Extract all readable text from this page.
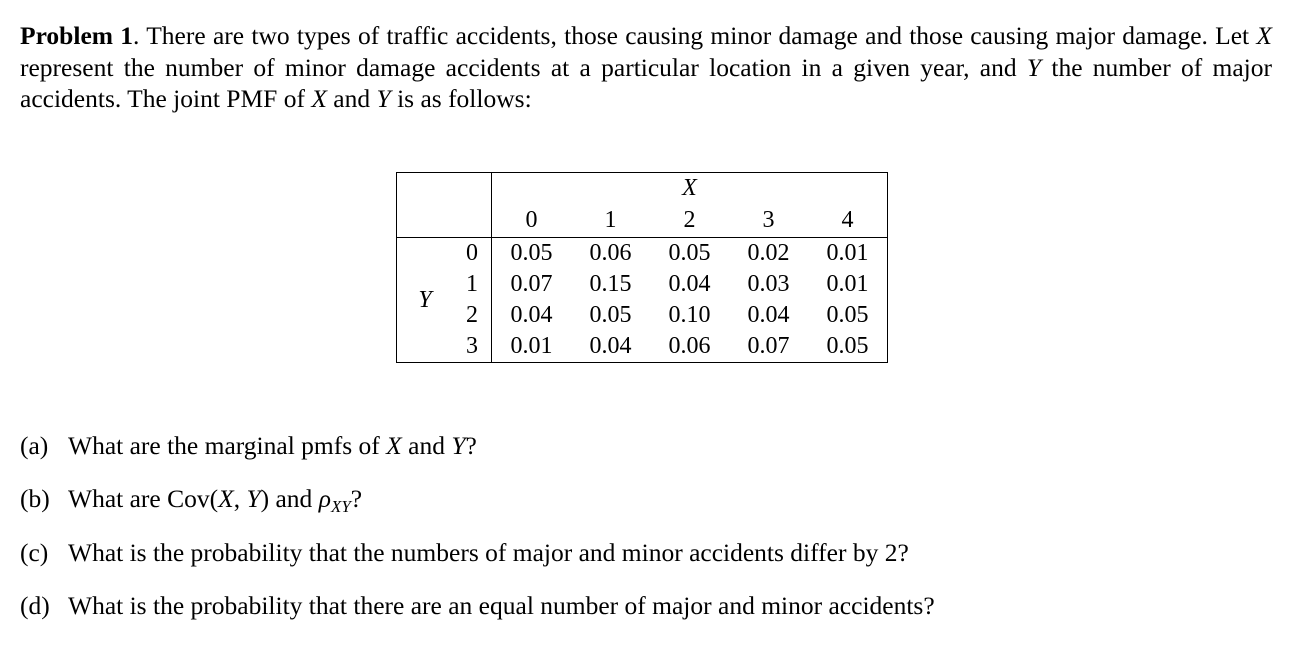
Problem 1. There are two types of traffic accidents, those causing minor damage and those causing major damage. Let X represent the number of minor damage accidents at a particular location in a given year, and Y the number of major accidents. The joint PMF of X and Y is as follows:
				X		
		0	1	2	3	4
Y	0	0.05	0.06	0.05	0.02	0.01
	1	0.07	0.15	0.04	0.03	0.01
	2	0.04	0.05	0.10	0.04	0.05
	3	0.01	0.04	0.06	0.07	0.05
(a) What are the marginal pmfs of X and Y?
(b) What are Cov(X, Y) and $\rho_{XY}$?
(c) What is the probability that the numbers of major and minor accidents differ by 2?
(d) What is the probability that there are an equal number of major and minor accidents?
